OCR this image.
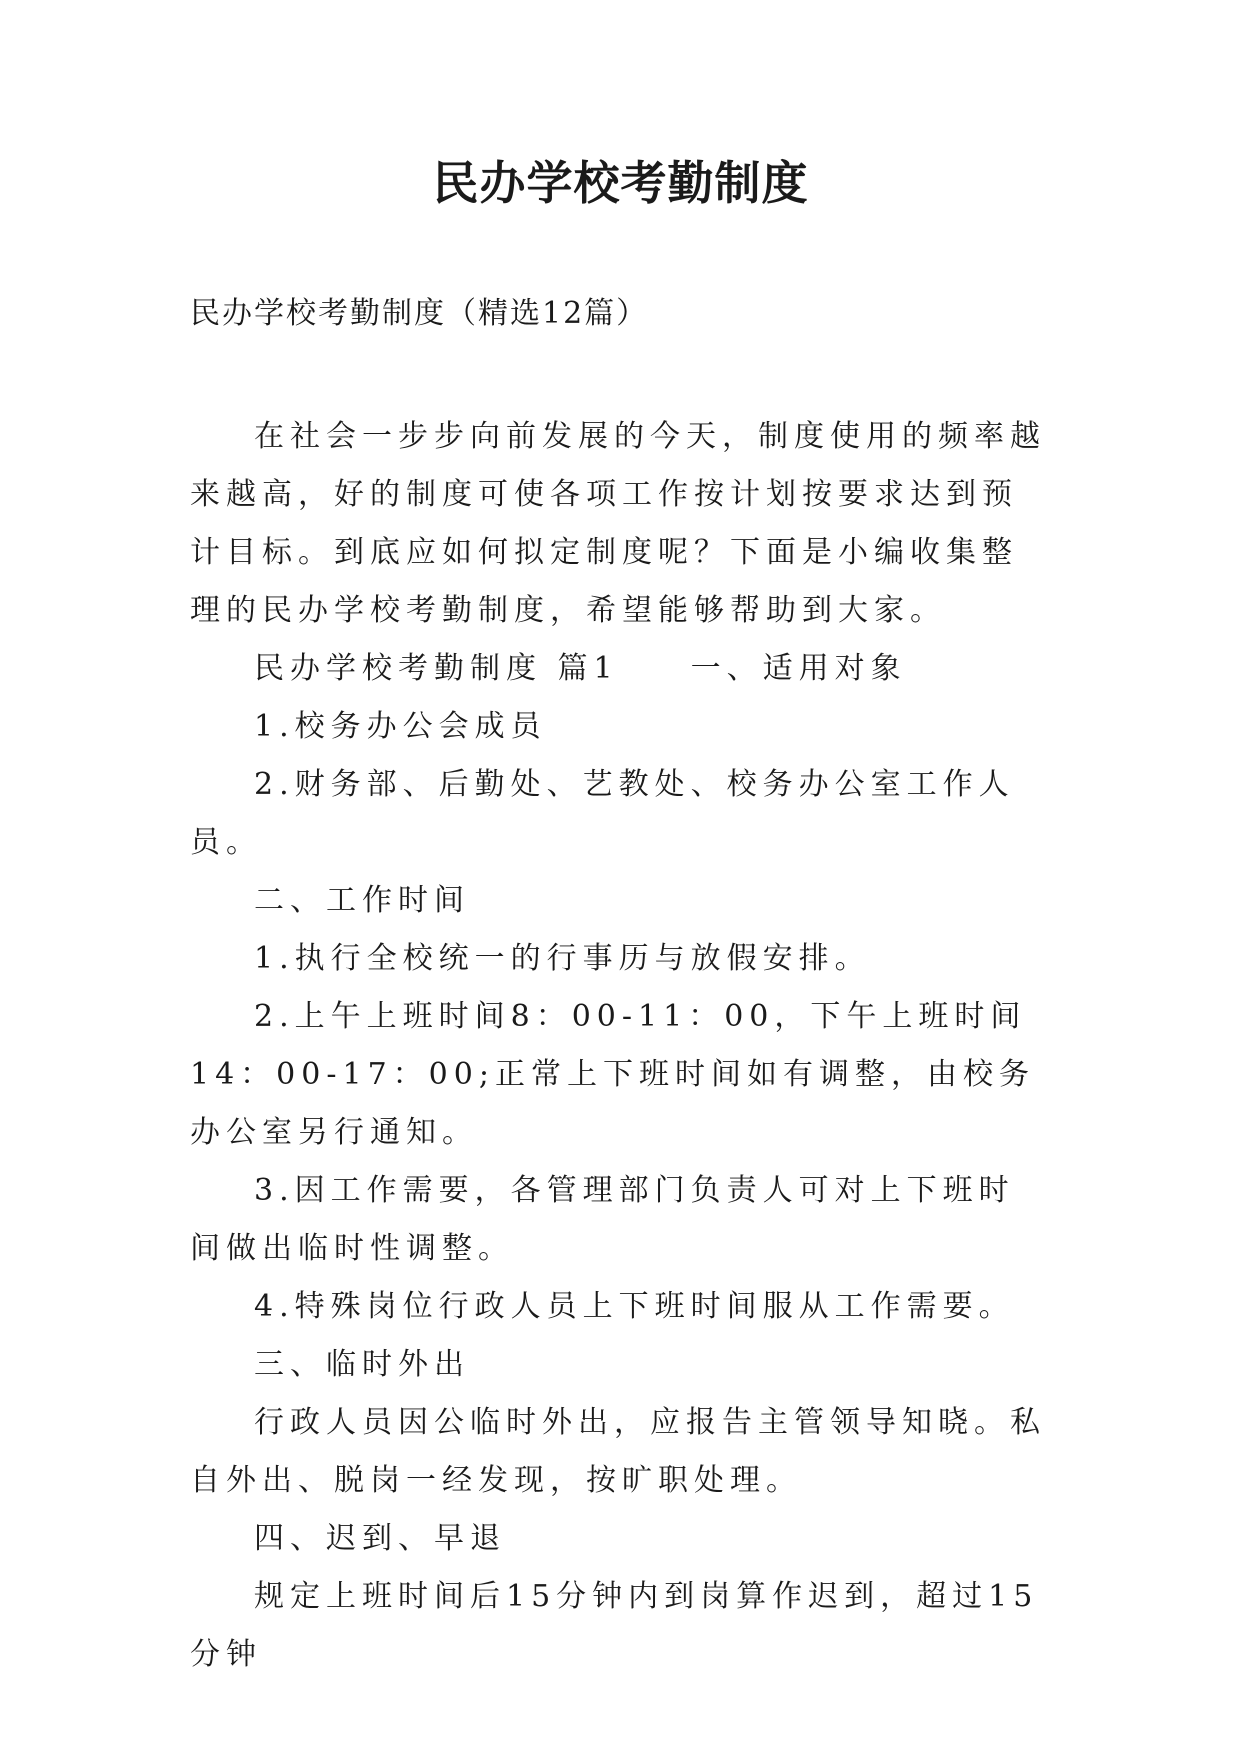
民办学校考勤制度
民办学校考勤制度（精选12篇）

在社会一步步向前发展的今天，制度使用的频率越来越高，好的制度可使各项工作按计划按要求达到预计目标。到底应如何拟定制度呢？下面是小编收集整理的民办学校考勤制度，希望能够帮助到大家。

民办学校考勤制度 篇1　　一、适用对象

1.校务办公会成员

2.财务部、后勤处、艺教处、校务办公室工作人员。

二、工作时间

1.执行全校统一的行事历与放假安排。

2.上午上班时间8：00-11：00，下午上班时间14：00-17：00;正常上下班时间如有调整，由校务办公室另行通知。

3.因工作需要，各管理部门负责人可对上下班时间做出临时性调整。

4.特殊岗位行政人员上下班时间服从工作需要。

三、临时外出

行政人员因公临时外出，应报告主管领导知晓。私自外出、脱岗一经发现，按旷职处理。

四、迟到、早退

规定上班时间后15分钟内到岗算作迟到，超过15分钟
